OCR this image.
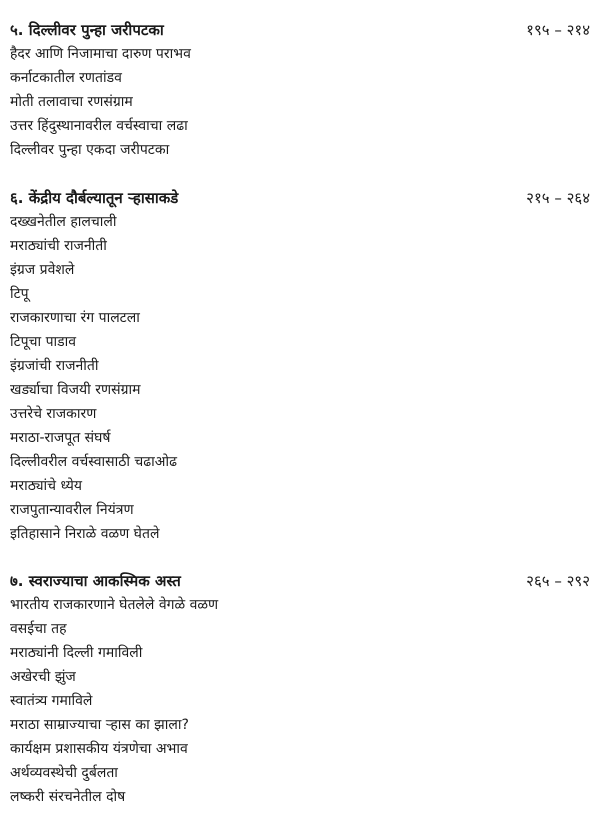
५. दिल्लीवर पुन्हा जरीपटका	१९५ – २१४
हैदर आणि निजामाचा दारुण पराभव
कर्नाटकातील रणतांडव
मोती तलावाचा रणसंग्राम
उत्तर हिंदुस्थानावरील वर्चस्वाचा लढा
दिल्लीवर पुन्हा एकदा जरीपटका
६. केंद्रीय दौर्बल्यातून ऱ्हासाकडे	२१५ – २६४
दख्खनेतील हालचाली
मराठ्यांची राजनीती
इंग्रज प्रवेशले
टिपू
राजकारणाचा रंग पालटला
टिपूचा पाडाव
इंग्रजांची राजनीती
खर्ड्याचा विजयी रणसंग्राम
उत्तरेचे राजकारण
मराठा-राजपूत संघर्ष
दिल्लीवरील वर्चस्वासाठी चढाओढ
मराठ्यांचे ध्येय
राजपुतान्यावरील नियंत्रण
इतिहासाने निराळे वळण घेतले
७. स्वराज्याचा आकस्मिक अस्त	२६५ – २९२
भारतीय राजकारणाने घेतलेले वेगळे वळण
वसईचा तह
मराठ्यांनी दिल्ली गमाविली
अखेरची झुंज
स्वातंत्र्य गमाविले
मराठा साम्राज्याचा ऱ्हास का झाला?
कार्यक्षम प्रशासकीय यंत्रणेचा अभाव
अर्थव्यवस्थेची दुर्बलता
लष्करी संरचनेतील दोष
